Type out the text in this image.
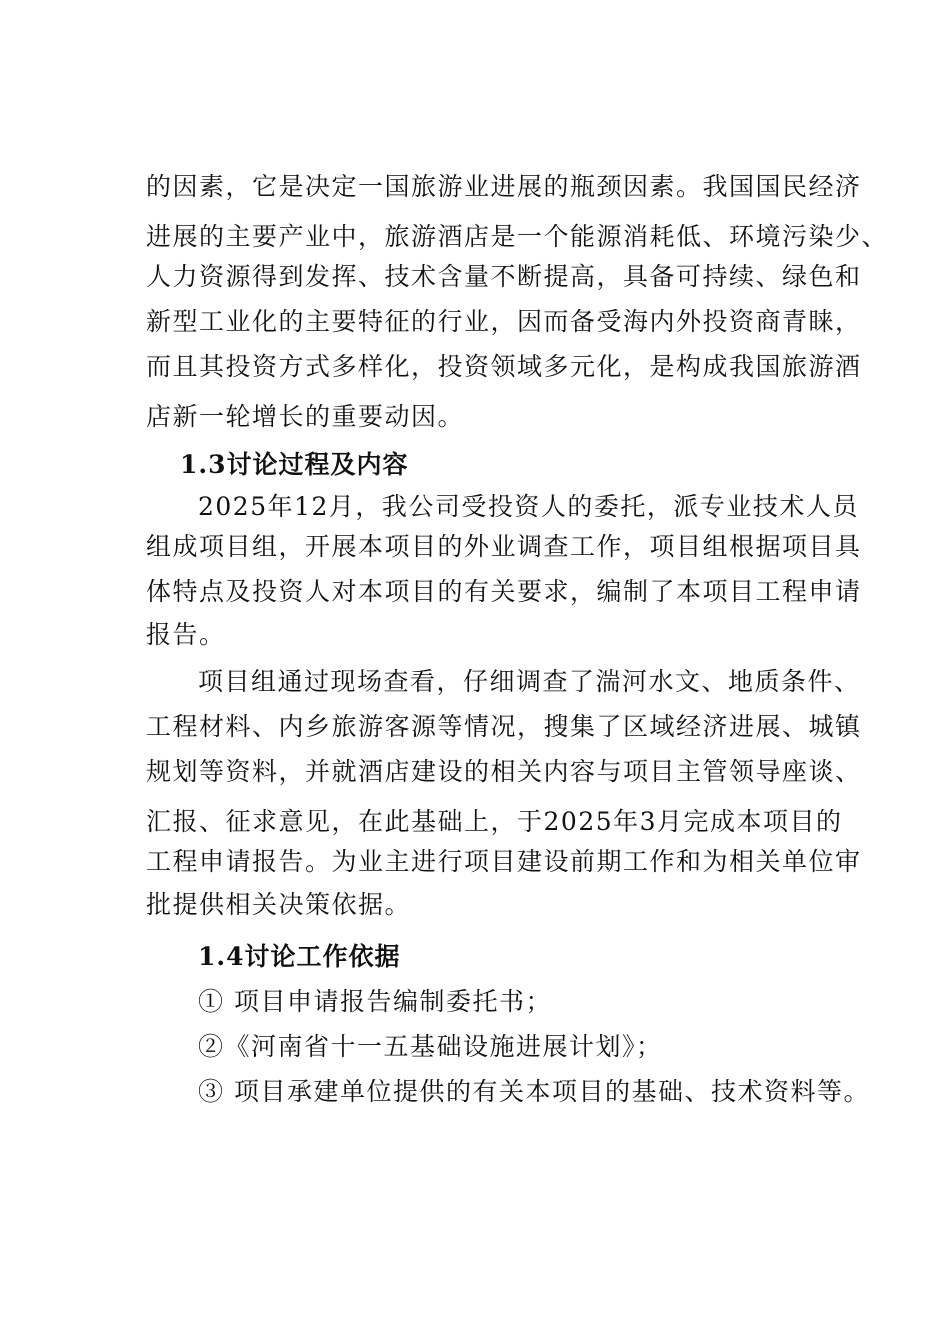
的因素，它是决定一国旅游业进展的瓶颈因素。我国国民经济
进展的主要产业中，旅游酒店是一个能源消耗低、环境污染少、
人力资源得到发挥、技术含量不断提高，具备可持续、绿色和
新型工业化的主要特征的行业，因而备受海内外投资商青睐，
而且其投资方式多样化，投资领域多元化，是构成我国旅游酒
店新一轮增长的重要动因。
1.3讨论过程及内容
2025年12月，我公司受投资人的委托，派专业技术人员
组成项目组，开展本项目的外业调查工作，项目组根据项目具
体特点及投资人对本项目的有关要求，编制了本项目工程申请
报告。
项目组通过现场查看，仔细调查了湍河水文、地质条件、
工程材料、内乡旅游客源等情况，搜集了区域经济进展、城镇
规划等资料，并就酒店建设的相关内容与项目主管领导座谈、
汇报、征求意见，在此基础上，于2025年3月完成本项目的
工程申请报告。为业主进行项目建设前期工作和为相关单位审
批提供相关决策依据。
1.4讨论工作依据
① 项目申请报告编制委托书；
②《河南省十一五基础设施进展计划》；
③ 项目承建单位提供的有关本项目的基础、技术资料等。
